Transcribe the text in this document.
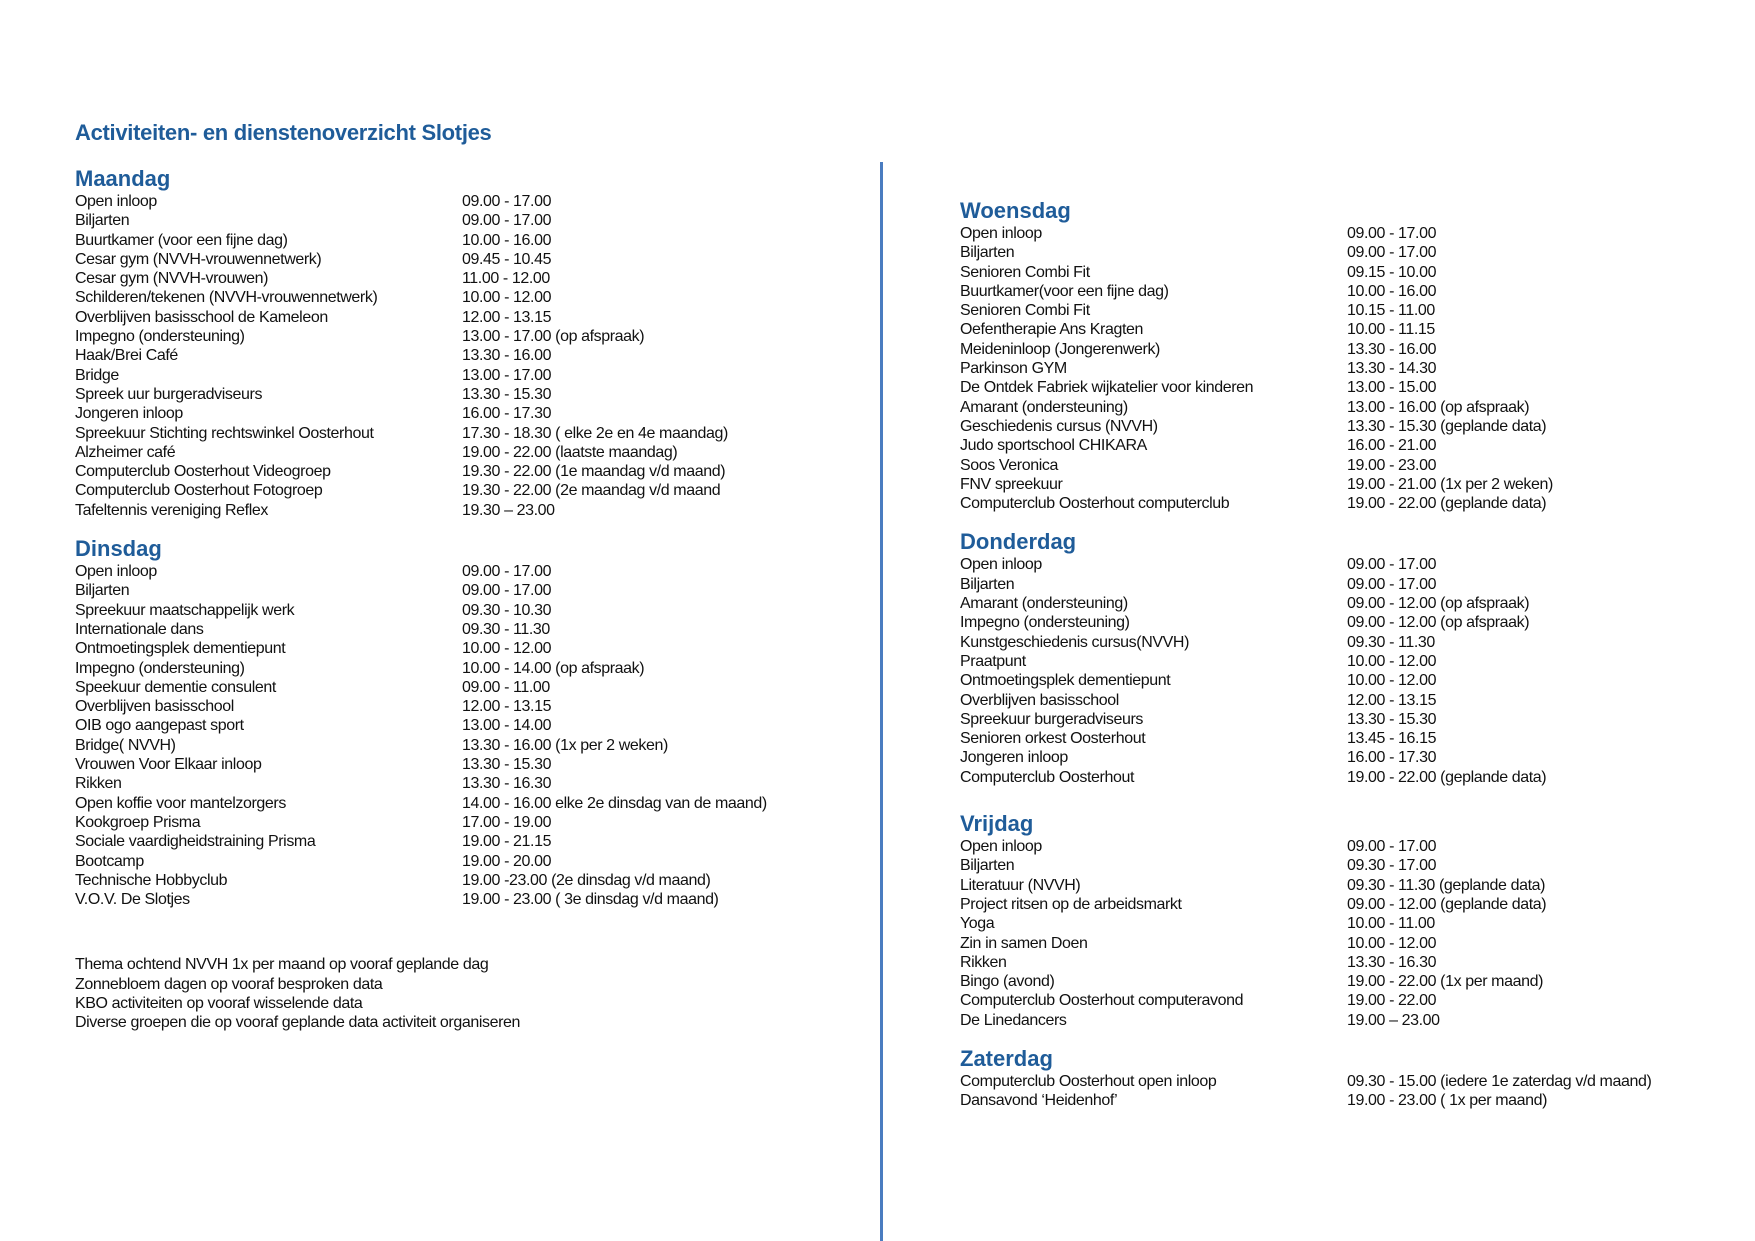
Activiteiten- en dienstenoverzicht Slotjes
Maandag
Open inloop	09.00 - 17.00
Biljarten	09.00 - 17.00
Buurtkamer (voor een fijne dag)	10.00 - 16.00
Cesar gym (NVVH-vrouwennetwerk)	09.45 - 10.45
Cesar gym (NVVH-vrouwen)	11.00 - 12.00
Schilderen/tekenen (NVVH-vrouwennetwerk)	10.00 - 12.00
Overblijven basisschool de Kameleon	12.00 - 13.15
Impegno (ondersteuning)	13.00 - 17.00 (op afspraak)
Haak/Brei Café	13.30 - 16.00
Bridge	13.00 - 17.00
Spreek uur burgeradviseurs	13.30 - 15.30
Jongeren inloop	16.00 - 17.30
Spreekuur Stichting rechtswinkel Oosterhout	17.30 - 18.30 ( elke 2e en 4e maandag)
Alzheimer café	19.00 - 22.00 (laatste maandag)
Computerclub Oosterhout Videogroep	19.30 - 22.00 (1e maandag v/d maand)
Computerclub Oosterhout Fotogroep	19.30 - 22.00 (2e maandag v/d maand
Tafeltennis vereniging Reflex	19.30 – 23.00
Dinsdag
Open inloop	09.00 - 17.00
Biljarten	09.00 - 17.00
Spreekuur maatschappelijk werk	09.30 - 10.30
Internationale dans	09.30 - 11.30
Ontmoetingsplek dementiepunt	10.00 - 12.00
Impegno (ondersteuning)	10.00 - 14.00 (op afspraak)
Speekuur dementie consulent	09.00 - 11.00
Overblijven basisschool	12.00 - 13.15
OIB ogo aangepast sport	13.00 - 14.00
Bridge( NVVH)	13.30 - 16.00 (1x per 2 weken)
Vrouwen Voor Elkaar inloop	13.30 - 15.30
Rikken	13.30 - 16.30
Open koffie voor mantelzorgers	14.00 - 16.00 elke 2e dinsdag van de maand)
Kookgroep Prisma	17.00 - 19.00
Sociale vaardigheidstraining Prisma	19.00 - 21.15
Bootcamp	19.00 - 20.00
Technische Hobbyclub	19.00 -23.00 (2e dinsdag v/d maand)
V.O.V. De Slotjes	19.00 - 23.00 ( 3e dinsdag v/d maand)
Thema ochtend NVVH 1x per maand op vooraf geplande dag
Zonnebloem dagen op vooraf besproken data
KBO activiteiten op vooraf wisselende data
Diverse groepen die op vooraf geplande data activiteit organiseren
Woensdag
Open inloop	09.00 - 17.00
Biljarten	09.00 - 17.00
Senioren Combi Fit	09.15 - 10.00
Buurtkamer(voor een fijne dag)	10.00 - 16.00
Senioren Combi Fit	10.15 - 11.00
Oefentherapie Ans Kragten	10.00 - 11.15
Meideninloop (Jongerenwerk)	13.30 - 16.00
Parkinson GYM	13.30 - 14.30
De Ontdek Fabriek wijkatelier voor kinderen	13.00 - 15.00
Amarant (ondersteuning)	13.00 - 16.00 (op afspraak)
Geschiedenis cursus (NVVH)	13.30 - 15.30 (geplande data)
Judo sportschool CHIKARA	16.00 - 21.00
Soos Veronica	19.00 - 23.00
FNV spreekuur	19.00 - 21.00 (1x per 2 weken)
Computerclub Oosterhout computerclub	19.00 - 22.00 (geplande data)
Donderdag
Open inloop	09.00 - 17.00
Biljarten	09.00 - 17.00
Amarant (ondersteuning)	09.00 - 12.00 (op afspraak)
Impegno (ondersteuning)	09.00 - 12.00 (op afspraak)
Kunstgeschiedenis cursus(NVVH)	09.30 - 11.30
Praatpunt	10.00 - 12.00
Ontmoetingsplek dementiepunt	10.00 - 12.00
Overblijven basisschool	12.00 - 13.15
Spreekuur burgeradviseurs	13.30 - 15.30
Senioren orkest Oosterhout	13.45 - 16.15
Jongeren inloop	16.00 - 17.30
Computerclub Oosterhout	19.00 - 22.00 (geplande data)
Vrijdag
Open inloop	09.00 - 17.00
Biljarten	09.30 - 17.00
Literatuur (NVVH)	09.30 - 11.30 (geplande data)
Project ritsen op de arbeidsmarkt	09.00 - 12.00 (geplande data)
Yoga	10.00 - 11.00
Zin in samen Doen	10.00 - 12.00
Rikken	13.30 - 16.30
Bingo (avond)	19.00 - 22.00 (1x per maand)
Computerclub Oosterhout computeravond	19.00 - 22.00
De Linedancers	19.00 – 23.00
Zaterdag
Computerclub Oosterhout open inloop	09.30 - 15.00 (iedere 1e zaterdag v/d maand)
Dansavond ‘Heidenhof’	19.00 - 23.00 ( 1x per maand)
